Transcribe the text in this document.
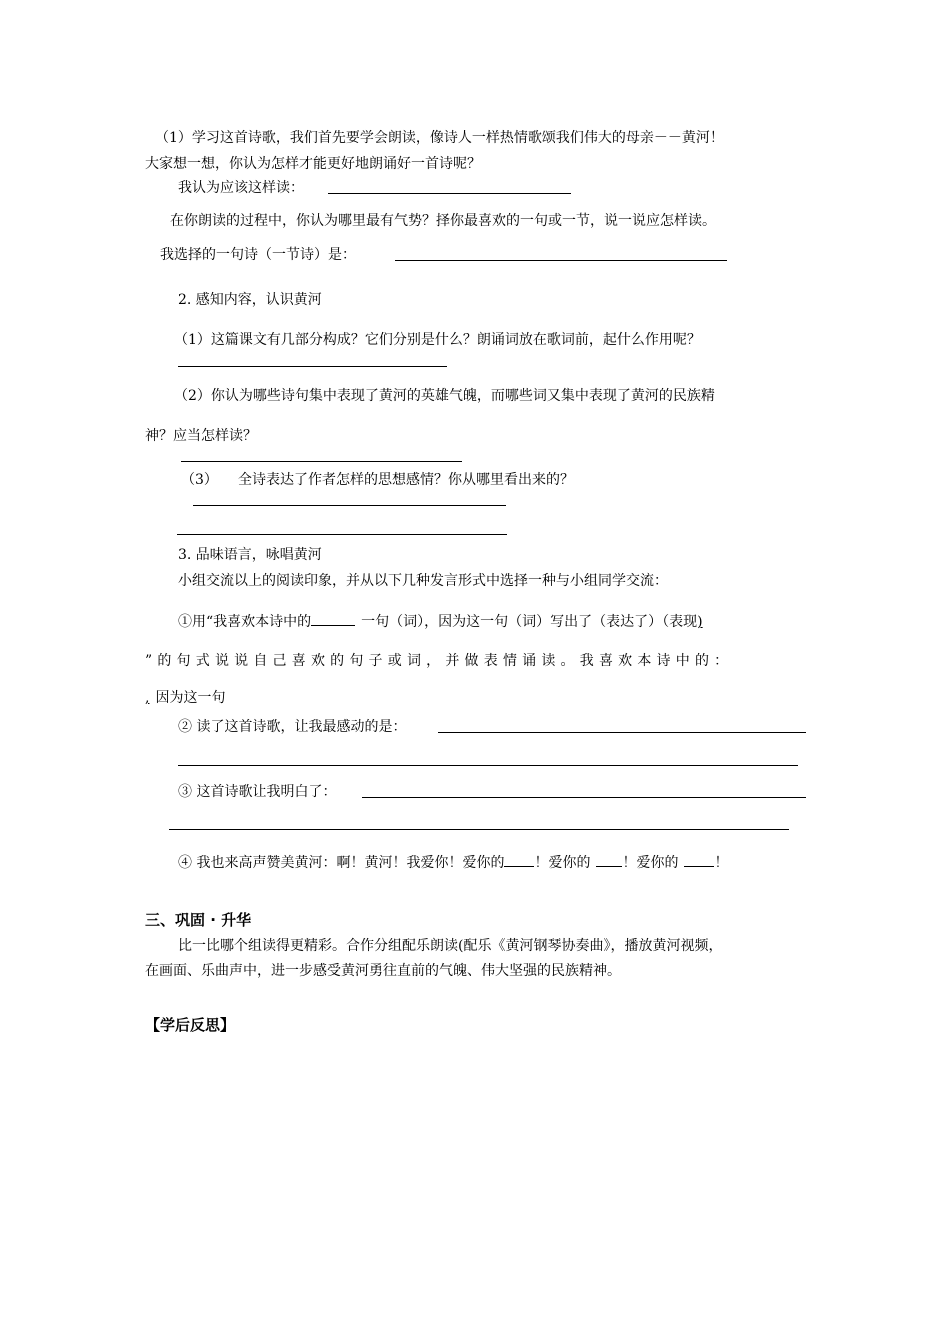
（1）学习这首诗歌，我们首先要学会朗读，像诗人一样热情歌颂我们伟大的母亲－－黄河！
大家想一想，你认为怎样才能更好地朗诵好一首诗呢？
我认为应该这样读：
在你朗读的过程中，你认为哪里最有气势？择你最喜欢的一句或一节，说一说应怎样读。
我选择的一句诗（一节诗）是：
2. 感知内容，认识黄河
（1）这篇课文有几部分构成？它们分别是什么？朗诵词放在歌词前，起什么作用呢？
（2）你认为哪些诗句集中表现了黄河的英雄气魄，而哪些词又集中表现了黄河的民族精
神？应当怎样读？
（3） 全诗表达了作者怎样的思想感情？你从哪里看出来的？
3. 品味语言，咏唱黄河
小组交流以上的阅读印象，并从以下几种发言形式中选择一种与小组同学交流：
①用“我喜欢本诗中的	一句（词），因为这一句（词）写出了（表达了）（表现)
”的句式说说自己喜欢的句子或词，并做表情诵读。我喜欢本诗中的：
, 因为这一句
② 读了这首诗歌，让我最感动的是：
③ 这首诗歌让我明白了：
④ 我也来高声赞美黄河：啊！黄河！我爱你！爱你的 ！爱你的 ！爱你的	！
三、巩固 · 升华
比一比哪个组读得更精彩。合作分组配乐朗读(配乐《黄河钢琴协奏曲》，播放黄河视频，
在画面、乐曲声中，进一步感受黄河勇往直前的气魄、伟大坚强的民族精神。
【学后反思】
